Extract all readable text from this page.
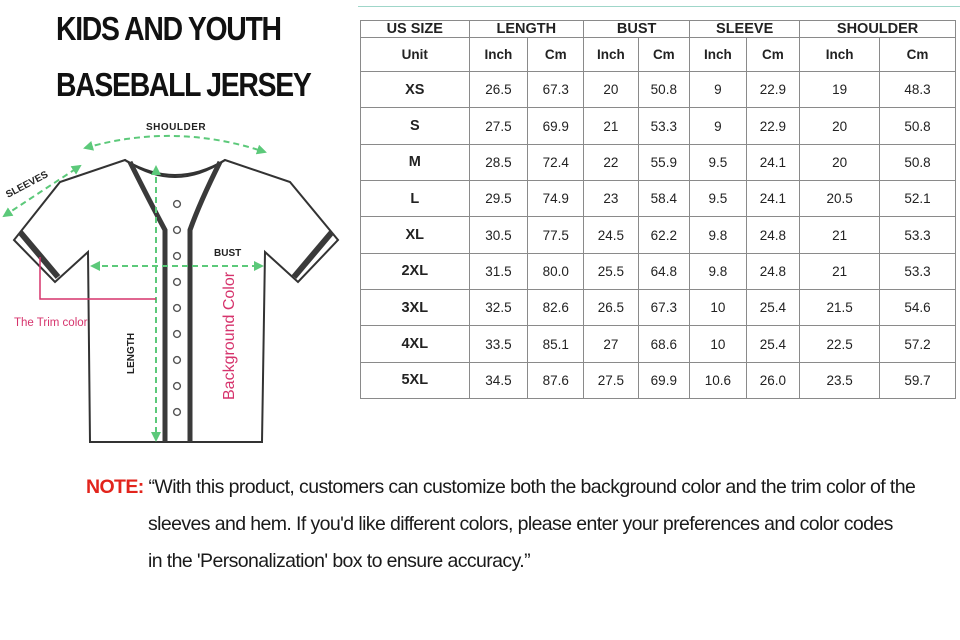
KIDS AND YOUTH
BASEBALL JERSEY
SHOULDER
SLEEVES
BUST
LENGTH
The Trim color	Background Color
US SIZE	LENGTH		BUST		SLEEVE		SHOULDER	
Unit	Inch	Cm	Inch	Cm	Inch	Cm	Inch	Cm
XS	26.5	67.3	20	50.8	9	22.9	19	48.3
S	27.5	69.9	21	53.3	9	22.9	20	50.8
M	28.5	72.4	22	55.9	9.5	24.1	20	50.8
L	29.5	74.9	23	58.4	9.5	24.1	20.5	52.1
XL	30.5	77.5	24.5	62.2	9.8	24.8	21	53.3
2XL	31.5	80.0	25.5	64.8	9.8	24.8	21	53.3
3XL	32.5	82.6	26.5	67.3	10	25.4	21.5	54.6
4XL	33.5	85.1	27	68.6	10	25.4	22.5	57.2
5XL	34.5	87.6	27.5	69.9	10.6	26.0	23.5	59.7
NOTE: “With this product, customers can customize both the background color and the trim color of the
sleeves and hem. If you'd like different colors, please enter your preferences and color codes
in the 'Personalization' box to ensure accuracy.”
